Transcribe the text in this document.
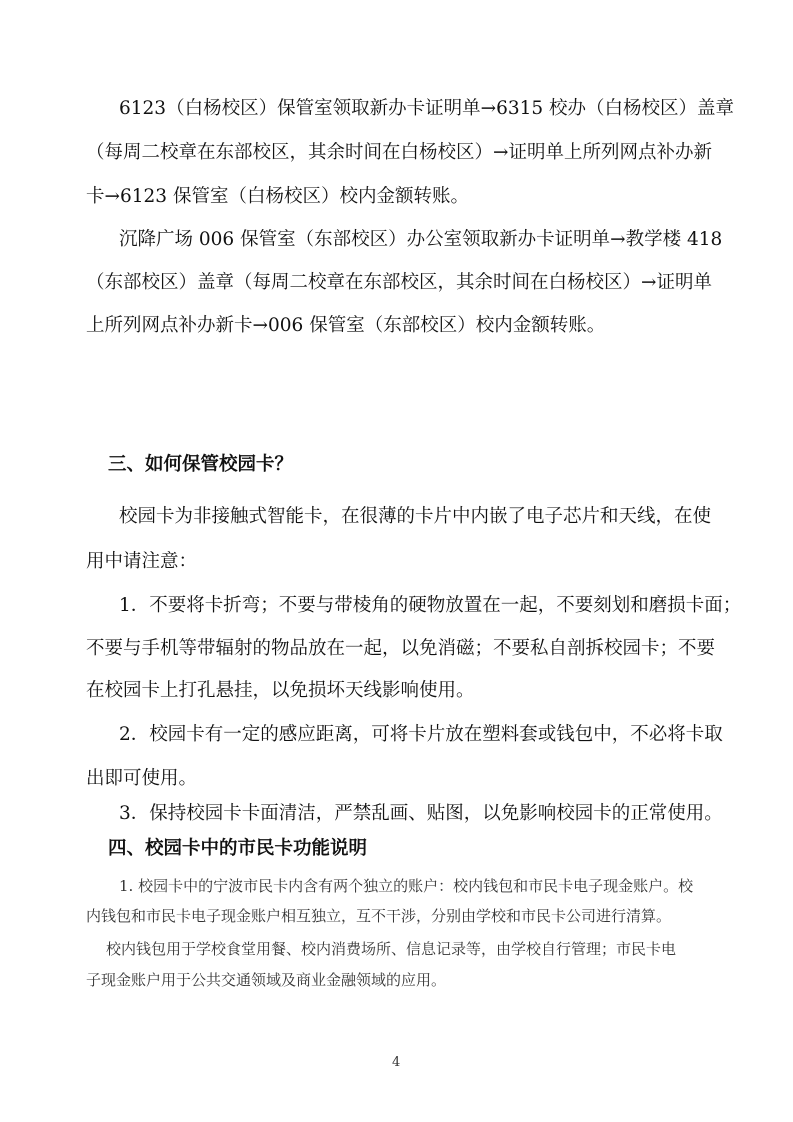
6123（白杨校区）保管室领取新办卡证明单→6315 校办（白杨校区）盖章
（每周二校章在东部校区，其余时间在白杨校区）→证明单上所列网点补办新
卡→6123 保管室（白杨校区）校内金额转账。
沉降广场 006 保管室（东部校区）办公室领取新办卡证明单→教学楼 418
（东部校区）盖章（每周二校章在东部校区，其余时间在白杨校区）→证明单
上所列网点补办新卡→006 保管室（东部校区）校内金额转账。
三、如何保管校园卡？
校园卡为非接触式智能卡，在很薄的卡片中内嵌了电子芯片和天线，在使
用中请注意：
1．不要将卡折弯；不要与带棱角的硬物放置在一起，不要刻划和磨损卡面；
不要与手机等带辐射的物品放在一起，以免消磁；不要私自剖拆校园卡；不要
在校园卡上打孔悬挂，以免损坏天线影响使用。
2．校园卡有一定的感应距离，可将卡片放在塑料套或钱包中，不必将卡取
出即可使用。
3．保持校园卡卡面清洁，严禁乱画、贴图，以免影响校园卡的正常使用。
四、校园卡中的市民卡功能说明
1. 校园卡中的宁波市民卡内含有两个独立的账户：校内钱包和市民卡电子现金账户。校
内钱包和市民卡电子现金账户相互独立，互不干涉，分别由学校和市民卡公司进行清算。
校内钱包用于学校食堂用餐、校内消费场所、信息记录等，由学校自行管理；市民卡电
子现金账户用于公共交通领域及商业金融领域的应用。
4
